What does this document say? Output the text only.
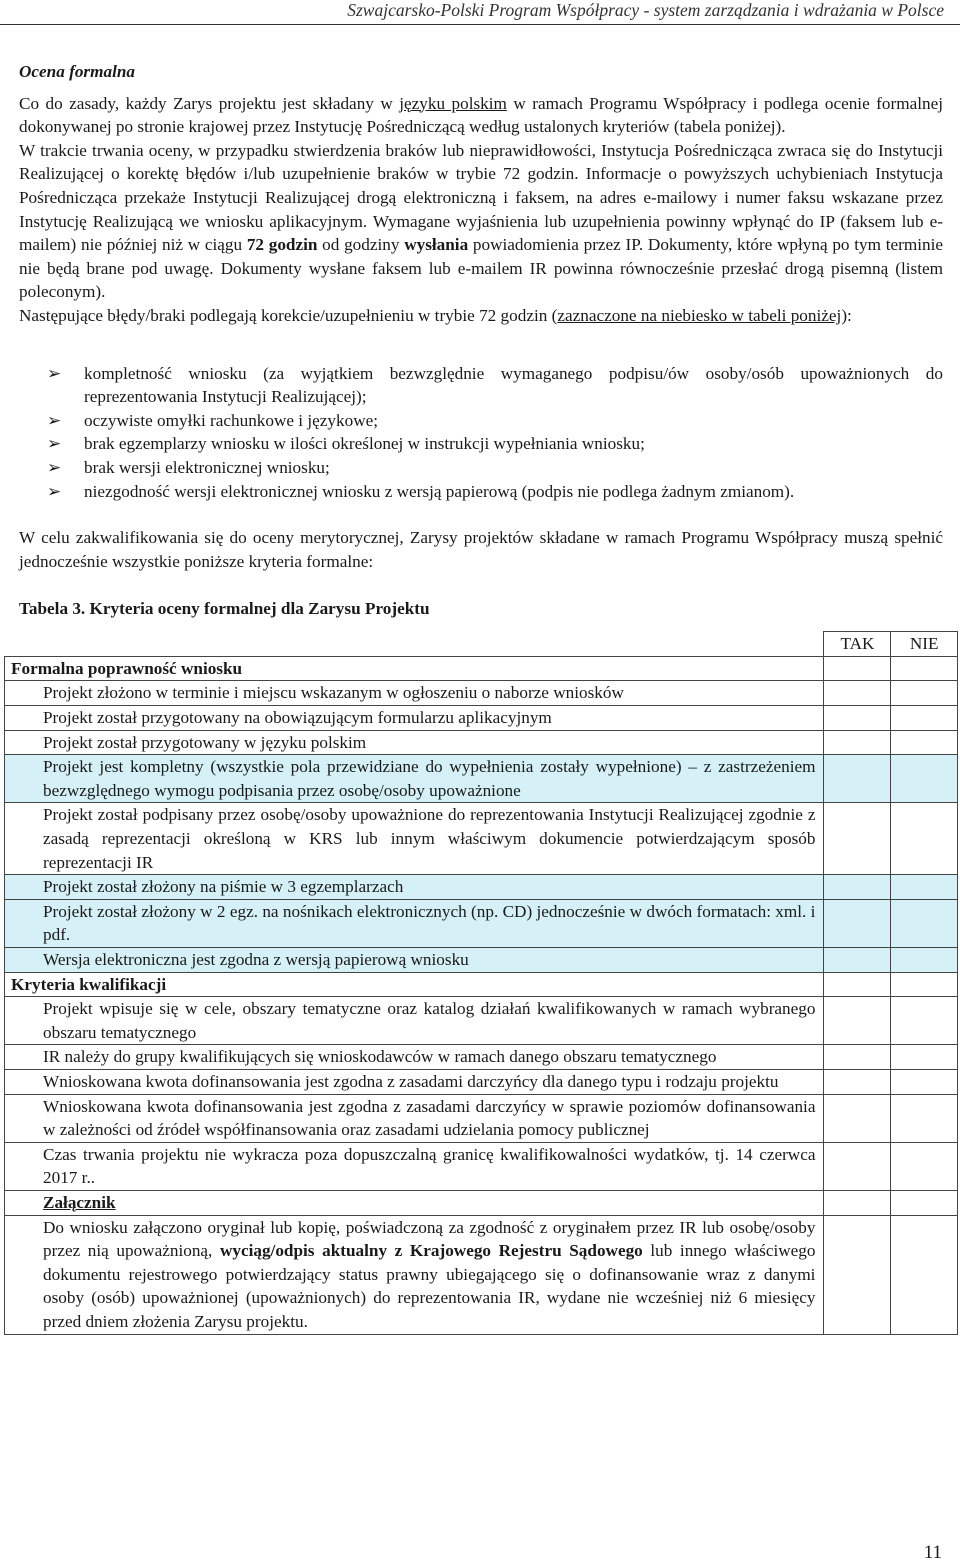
Szwajcarsko-Polski Program Współpracy - system zarządzania i wdrażania w Polsce
Ocena formalna

Co do zasady, każdy Zarys projektu jest składany w języku polskim w ramach Programu Współpracy i podlega ocenie formalnej dokonywanej po stronie krajowej przez Instytucję Pośredniczącą według ustalonych kryteriów (tabela poniżej).

W trakcie trwania oceny, w przypadku stwierdzenia braków lub nieprawidłowości, Instytucja Pośrednicząca zwraca się do Instytucji Realizującej o korektę błędów i/lub uzupełnienie braków w trybie 72 godzin. Informacje o powyższych uchybieniach Instytucja Pośrednicząca przekaże Instytucji Realizującej drogą elektroniczną i faksem, na adres e-mailowy i numer faksu wskazane przez Instytucję Realizującą we wniosku aplikacyjnym. Wymagane wyjaśnienia lub uzupełnienia powinny wpłynąć do IP (faksem lub e-mailem) nie później niż w ciągu 72 godzin od godziny wysłania powiadomienia przez IP. Dokumenty, które wpłyną po tym terminie nie będą brane pod uwagę. Dokumenty wysłane faksem lub e-mailem IR powinna równocześnie przesłać drogą pisemną (listem poleconym).

Następujące błędy/braki podlegają korekcie/uzupełnieniu w trybie 72 godzin (zaznaczone na niebiesko w tabeli poniżej):

➢ kompletność wniosku (za wyjątkiem bezwzględnie wymaganego podpisu/ów osoby/osób upoważnionych do reprezentowania Instytucji Realizującej);
➢ oczywiste omyłki rachunkowe i językowe;
➢ brak egzemplarzy wniosku w ilości określonej w instrukcji wypełniania wniosku;
➢ brak wersji elektronicznej wniosku;
➢ niezgodność wersji elektronicznej wniosku z wersją papierową (podpis nie podlega żadnym zmianom).

W celu zakwalifikowania się do oceny merytorycznej, Zarysy projektów składane w ramach Programu Współpracy muszą spełnić jednocześnie wszystkie poniższe kryteria formalne:

Tabela 3. Kryteria oceny formalnej dla Zarysu Projektu
	TAK	NIE
Formalna poprawność wniosku		
Projekt złożono w terminie i miejscu wskazanym w ogłoszeniu o naborze wniosków		
Projekt został przygotowany na obowiązującym formularzu aplikacyjnym		
Projekt został przygotowany w języku polskim		
Projekt jest kompletny (wszystkie pola przewidziane do wypełnienia zostały wypełnione) – z zastrzeżeniem bezwzględnego wymogu podpisania przez osobę/osoby upoważnione		
Projekt został podpisany przez osobę/osoby upoważnione do reprezentowania Instytucji Realizującej zgodnie z zasadą reprezentacji określoną w KRS lub innym właściwym dokumencie potwierdzającym sposób reprezentacji IR		
Projekt został złożony na piśmie w 3 egzemplarzach		
Projekt został złożony w 2 egz. na nośnikach elektronicznych (np. CD) jednocześnie w dwóch formatach: xml. i pdf.		
Wersja elektroniczna jest zgodna z wersją papierową wniosku		
Kryteria kwalifikacji		
Projekt wpisuje się w cele, obszary tematyczne oraz katalog działań kwalifikowanych w ramach wybranego obszaru tematycznego		
IR należy do grupy kwalifikujących się wnioskodawców w ramach danego obszaru tematycznego		
Wnioskowana kwota dofinansowania jest zgodna z zasadami darczyńcy dla danego typu i rodzaju projektu		
Wnioskowana kwota dofinansowania jest zgodna z zasadami darczyńcy w sprawie poziomów dofinansowania w zależności od źródeł współfinansowania oraz zasadami udzielania pomocy publicznej		
Czas trwania projektu nie wykracza poza dopuszczalną granicę kwalifikowalności wydatków, tj. 14 czerwca 2017 r..		
Załącznik		
Do wniosku załączono oryginał lub kopię, poświadczoną za zgodność z oryginałem przez IR lub osobę/osoby przez nią upoważnioną, wyciąg/odpis aktualny z Krajowego Rejestru Sądowego lub innego właściwego dokumentu rejestrowego potwierdzający status prawny ubiegającego się o dofinansowanie wraz z danymi osoby (osób) upoważnionej (upoważnionych) do reprezentowania IR, wydane nie wcześniej niż 6 miesięcy przed dniem złożenia Zarysu projektu.		
11
